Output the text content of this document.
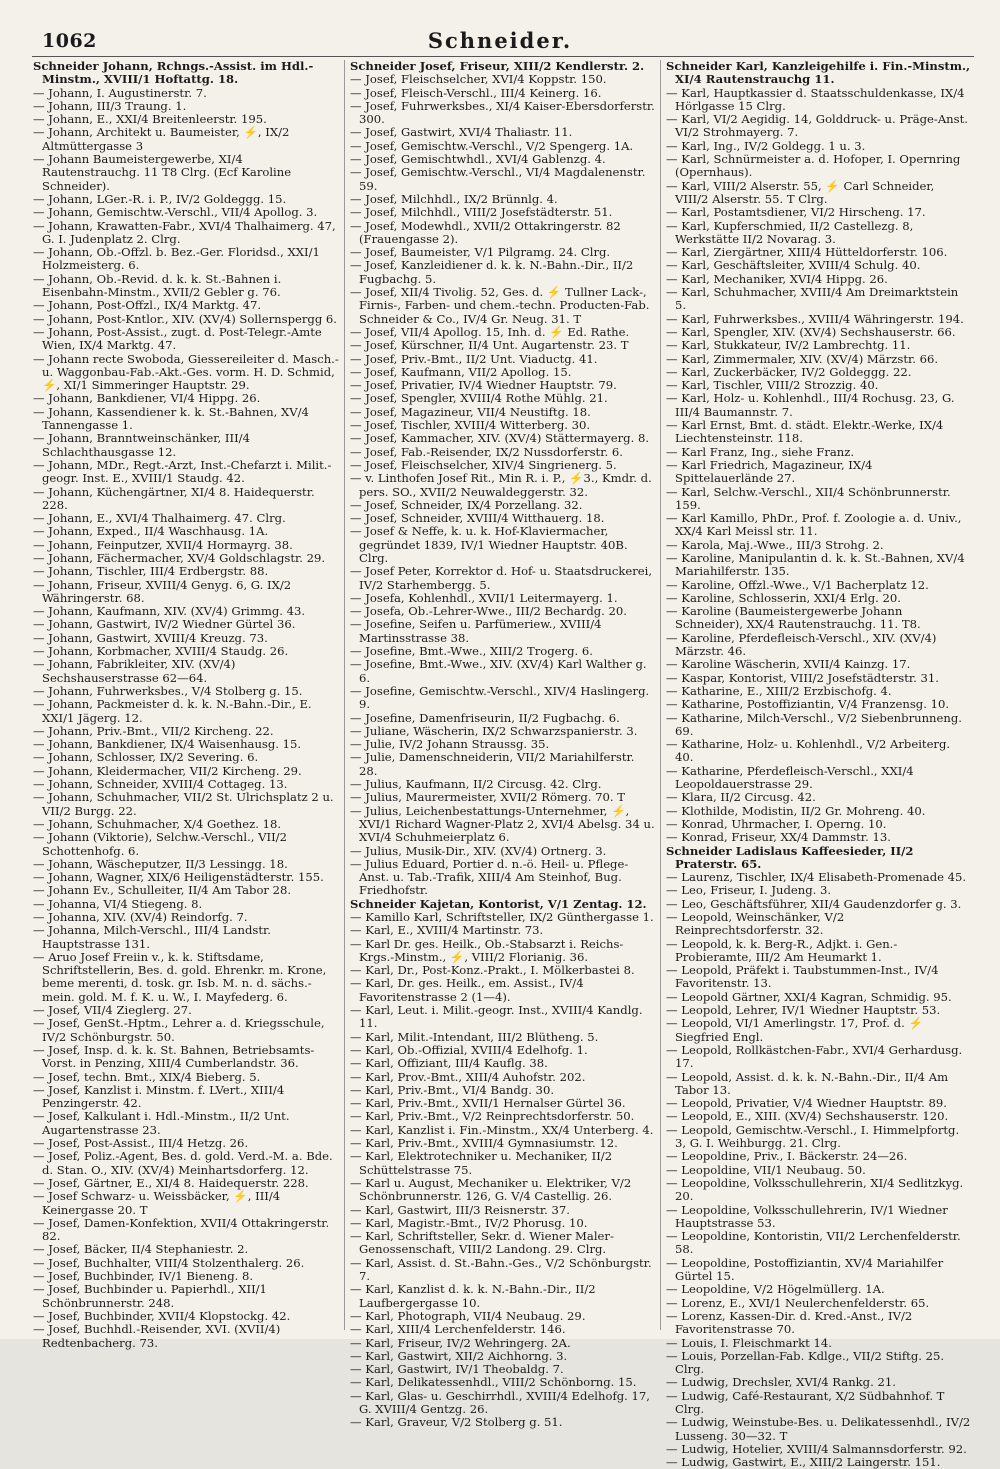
1062	Schneider.

Schneider Johann, Rchngs.-Assist. im Hdl.-Minstm., XVIII/1 Hoftattg. 18.

— Johann, I. Augustinerstr. 7.

— Johann, III/3 Traung. 1.

— Johann, E., XXI/4 Breitenleerstr. 195.

— Johann, Architekt u. Baumeister, ⚡, IX/2 Altmüttergasse 3

— Johann Baumeistergewerbe, XI/4 Rautenstrauchg. 11 T8 Clrg. (Ecf Karoline Schneider).

— Johann, LGer.-R. i. P., IV/2 Goldeggg. 15.

— Johann, Gemischtw.-Verschl., VII/4 Apollog. 3.

— Johann, Krawatten-Fabr., XVI/4 Thalhaimerg. 47, G. I. Judenplatz 2. Clrg.

— Johann, Ob.-Offzl. b. Bez.-Ger. Floridsd., XXI/1 Holzmeisterg. 6.

— Johann, Ob.-Revid. d. k. k. St.-Bahnen i. Eisenbahn-Minstm., XVII/2 Gebler g. 76.

— Johann, Post-Offzl., IX/4 Marktg. 47.

— Johann, Post-Kntlor., XIV. (XV/4) Sollernspergg 6.

— Johann, Post-Assist., zugt. d. Post-Telegr.-Amte Wien, IX/4 Marktg. 47.

— Johann recte Swoboda, Giessereileiter d. Masch.- u. Waggonbau-Fab.-Akt.-Ges. vorm. H. D. Schmid, ⚡, XI/1 Simmeringer Hauptstr. 29.

— Johann, Bankdiener, VI/4 Hippg. 26.

— Johann, Kassendiener k. k. St.-Bahnen, XV/4 Tannengasse 1.

— Johann, Branntweinschänker, III/4 Schlachthausgasse 12.

— Johann, MDr., Regt.-Arzt, Inst.-Chefarzt i. Milit.-geogr. Inst. E., XVIII/1 Staudg. 42.

— Johann, Küchengärtner, XI/4 8. Haidequerstr. 228.

— Johann, E., XVI/4 Thalhaimerg. 47. Clrg.

— Johann, Exped., II/4 Waschhausg. 1A.

— Johann, Feinputzer, XVII/4 Hormayrg. 38.

— Johann, Fächermacher, XV/4 Goldschlagstr. 29.

— Johann, Tischler, III/4 Erdbergstr. 88.

— Johann, Friseur, XVIII/4 Genyg. 6, G. IX/2 Währingerstr. 68.

— Johann, Kaufmann, XIV. (XV/4) Grimmg. 43.

— Johann, Gastwirt, IV/2 Wiedner Gürtel 36.

— Johann, Gastwirt, XVIII/4 Kreuzg. 73.

— Johann, Korbmacher, XVIII/4 Staudg. 26.

— Johann, Fabrikleiter, XIV. (XV/4) Sechshauserstrasse 62—64.

— Johann, Fuhrwerksbes., V/4 Stolberg g. 15.

— Johann, Packmeister d. k. k. N.-Bahn.-Dir., E. XXI/1 Jägerg. 12.

— Johann, Priv.-Bmt., VII/2 Kircheng. 22.

— Johann, Bankdiener, IX/4 Waisenhausg. 15.

— Johann, Schlosser, IX/2 Severing. 6.

— Johann, Kleidermacher, VII/2 Kircheng. 29.

— Johann, Schneider, XVIII/4 Cottageg. 13.

— Johann, Schuhmacher, VII/2 St. Ulrichsplatz 2 u. VII/2 Burgg. 22.

— Johann, Schuhmacher, X/4 Goethez. 18.

— Johann (Viktorie), Selchw.-Verschl., VII/2 Schottenhofg. 6.

— Johann, Wäscheputzer, II/3 Lessingg. 18.

— Johann, Wagner, XIX/6 Heiligenstädterstr. 155.

— Johann Ev., Schulleiter, II/4 Am Tabor 28.

— Johanna, VI/4 Stiegeng. 8.

— Johanna, XIV. (XV/4) Reindorfg. 7.

— Johanna, Milch-Verschl., III/4 Landstr. Hauptstrasse 131.

— Aruo Josef Freiin v., k. k. Stiftsdame, Schriftstellerin, Bes. d. gold. Ehrenkr. m. Krone, beme merenti, d. tosk. gr. Isb. M. n. d. sächs.-mein. gold. M. f. K. u. W., I. Mayfederg. 6.

— Josef, VII/4 Zieglerg. 27.

— Josef, GenSt.-Hptm., Lehrer a. d. Kriegsschule, IV/2 Schönburgstr. 50.

— Josef, Insp. d. k. k. St. Bahnen, Betriebsamts-Vorst. in Penzing, XIII/4 Cumberlandstr. 36.

— Josef, techn. Bmt., XIX/4 Bieberg. 5.

— Josef, Kanzlist i. Minstm. f. LVert., XIII/4 Penzingerstr. 42.

— Josef, Kalkulant i. Hdl.-Minstm., II/2 Unt. Augartenstrasse 23.

— Josef, Post-Assist., III/4 Hetzg. 26.

— Josef, Poliz.-Agent, Bes. d. gold. Verd.-M. a. Bde. d. Stan. O., XIV. (XV/4) Meinhartsdorferg. 12.

— Josef, Gärtner, E., XI/4 8. Haidequerstr. 228.

— Josef Schwarz- u. Weissbäcker, ⚡, III/4 Keinergasse 20. T

— Josef, Damen-Konfektion, XVII/4 Ottakringerstr. 82.

— Josef, Bäcker, II/4 Stephaniestr. 2.

— Josef, Buchhalter, VIII/4 Stolzenthalerg. 26.

— Josef, Buchbinder, IV/1 Bieneng. 8.

— Josef, Buchbinder u. Papierhdl., XII/1 Schönbrunnerstr. 248.

— Josef, Buchbinder, XVII/4 Klopstockg. 42.

— Josef, Buchhdl.-Reisender, XVI. (XVII/4) Redtenbacherg. 73.

Schneider Josef, Friseur, XIII/2 Kendlerstr. 2.

— Josef, Fleischselcher, XVI/4 Koppstr. 150.

— Josef, Fleisch-Verschl., III/4 Keinerg. 16.

— Josef, Fuhrwerksbes., XI/4 Kaiser-Ebersdorferstr. 300.

— Josef, Gastwirt, XVI/4 Thaliastr. 11.

— Josef, Gemischtw.-Verschl., V/2 Spengerg. 1A.

— Josef, Gemischtwhdl., XVI/4 Gablenzg. 4.

— Josef, Gemischtw.-Verschl., VI/4 Magdalenenstr. 59.

— Josef, Milchhdl., IX/2 Brünnlg. 4.

— Josef, Milchhdl., VIII/2 Josefstädterstr. 51.

— Josef, Modewhdl., XVII/2 Ottakringerstr. 82 (Frauengasse 2).

— Josef, Baumeister, V/1 Pilgramg. 24. Clrg.

— Josef, Kanzleidiener d. k. k. N.-Bahn.-Dir., II/2 Fugbachg. 5.

— Josef, XII/4 Tivolig. 52, Ges. d. ⚡ Tullner Lack-, Firnis-, Farben- und chem.-techn. Producten-Fab. Schneider & Co., IV/4 Gr. Neug. 31. T

— Josef, VII/4 Apollog. 15, Inh. d. ⚡ Ed. Rathe.

— Josef, Kürschner, II/4 Unt. Augartenstr. 23. T

— Josef, Priv.-Bmt., II/2 Unt. Viaductg. 41.

— Josef, Kaufmann, VII/2 Apollog. 15.

— Josef, Privatier, IV/4 Wiedner Hauptstr. 79.

— Josef, Spengler, XVIII/4 Rothe Mühlg. 21.

— Josef, Magazineur, VII/4 Neustiftg. 18.

— Josef, Tischler, XVIII/4 Witterberg. 30.

— Josef, Kammacher, XIV. (XV/4) Stättermayerg. 8.

— Josef, Fab.-Reisender, IX/2 Nussdorferstr. 6.

— Josef, Fleischselcher, XIV/4 Singrienerg. 5.

— v. Linthofen Josef Rit., Min R. i. P., ⚡3., Kmdr. d. pers. SO., XVII/2 Neuwaldeggerstr. 32.

— Josef, Schneider, IX/4 Porzellang. 32.

— Josef, Schneider, XVIII/4 Witthauerg. 18.

— Josef & Neffe, k. u. k. Hof-Klaviermacher, gegründet 1839, IV/1 Wiedner Hauptstr. 40B. Clrg.

— Josef Peter, Korrektor d. Hof- u. Staatsdruckerei, IV/2 Starhembergg. 5.

— Josefa, Kohlenhdl., XVII/1 Leitermayerg. 1.

— Josefa, Ob.-Lehrer-Wwe., III/2 Bechardg. 20.

— Josefine, Seifen u. Parfümeriew., XVIII/4 Martinsstrasse 38.

— Josefine, Bmt.-Wwe., XIII/2 Trogerg. 6.

— Josefine, Bmt.-Wwe., XIV. (XV/4) Karl Walther g. 6.

— Josefine, Gemischtw.-Verschl., XIV/4 Haslingerg. 9.

— Josefine, Damenfriseurin, II/2 Fugbachg. 6.

— Juliane, Wäscherin, IX/2 Schwarzspanierstr. 3.

— Julie, IV/2 Johann Straussg. 35.

— Julie, Damenschneiderin, VII/2 Mariahilferstr. 28.

— Julius, Kaufmann, II/2 Circusg. 42. Clrg.

— Julius, Maurermeister, XVII/2 Römerg. 70. T

— Julius, Leichenbestattungs-Unternehmer, ⚡, XVI/1 Richard Wagner-Platz 2, XVI/4 Abelsg. 34 u. XVI/4 Schuhmeierplatz 6.

— Julius, Musik-Dir., XIV. (XV/4) Ortnerg. 3.

— Julius Eduard, Portier d. n.-ö. Heil- u. Pflege-Anst. u. Tab.-Trafik, XIII/4 Am Steinhof, Bug. Friedhofstr.

Schneider Kajetan, Kontorist, V/1 Zentag. 12.

— Kamillo Karl, Schriftsteller, IX/2 Günthergasse 1.

— Karl, E., XVIII/4 Martinstr. 73.

— Karl Dr. ges. Heilk., Ob.-Stabsarzt i. Reichs-Krgs.-Minstm., ⚡, VIII/2 Florianig. 36.

— Karl, Dr., Post-Konz.-Prakt., I. Mölkerbastei 8.

— Karl, Dr. ges. Heilk., em. Assist., IV/4 Favoritenstrasse 2 (1—4).

— Karl, Leut. i. Milit.-geogr. Inst., XVIII/4 Kandlg. 11.

— Karl, Milit.-Intendant, III/2 Blütheng. 5.

— Karl, Ob.-Offizial, XVIII/4 Edelhofg. 1.

— Karl, Offiziant, III/4 Kauflg. 38.

— Karl, Prov.-Bmt., XIII/4 Auhofstr. 202.

— Karl, Priv.-Bmt., VI/4 Bandg. 30.

— Karl, Priv.-Bmt., XVII/1 Hernalser Gürtel 36.

— Karl, Priv.-Bmt., V/2 Reinprechtsdorferstr. 50.

— Karl, Kanzlist i. Fin.-Minstm., XX/4 Unterberg. 4.

— Karl, Priv.-Bmt., XVIII/4 Gymnasiumstr. 12.

— Karl, Elektrotechniker u. Mechaniker, II/2 Schüttelstrasse 75.

— Karl u. August, Mechaniker u. Elektriker, V/2 Schönbrunnerstr. 126, G. V/4 Castellig. 26.

— Karl, Gastwirt, III/3 Reisnerstr. 37.

— Karl, Magistr.-Bmt., IV/2 Phorusg. 10.

— Karl, Schriftsteller, Sekr. d. Wiener Maler-Genossenschaft, VIII/2 Landong. 29. Clrg.

— Karl, Assist. d. St.-Bahn.-Ges., V/2 Schönburgstr. 7.

— Karl, Kanzlist d. k. k. N.-Bahn.-Dir., II/2 Laufbergergasse 10.

— Karl, Photograph, VII/4 Neubaug. 29.

— Karl, XIII/4 Lerchenfelderstr. 146.

— Karl, Friseur, IV/2 Wehringerg. 2A.

— Karl, Gastwirt, XII/2 Aichhorng. 3.

— Karl, Gastwirt, IV/1 Theobaldg. 7.

— Karl, Delikatessenhdl., VIII/2 Schönborng. 15.

— Karl, Glas- u. Geschirrhdl., XVIII/4 Edelhofg. 17, G. XVIII/4 Gentzg. 26.

— Karl, Graveur, V/2 Stolberg g. 51.

Schneider Karl, Kanzleigehilfe i. Fin.-Minstm., XI/4 Rautenstrauchg 11.

— Karl, Hauptkassier d. Staatsschuldenkasse, IX/4 Hörlgasse 15 Clrg.

— Karl, VI/2 Aegidig. 14, Golddruck- u. Präge-Anst. VI/2 Strohmayerg. 7.

— Karl, Ing., IV/2 Goldegg. 1 u. 3.

— Karl, Schnürmeister a. d. Hofoper, I. Opernring (Opernhaus).

— Karl, VIII/2 Alserstr. 55, ⚡ Carl Schneider, VIII/2 Alserstr. 55. T Clrg.

— Karl, Postamtsdiener, VI/2 Hirscheng. 17.

— Karl, Kupferschmied, II/2 Castellezg. 8, Werkstätte II/2 Novarag. 3.

— Karl, Ziergärtner, XIII/4 Hütteldorferstr. 106.

— Karl, Geschäftsleiter, XVIII/4 Schulg. 40.

— Karl, Mechaniker, XVI/4 Hippg. 26.

— Karl, Schuhmacher, XVIII/4 Am Dreimarktstein 5.

— Karl, Fuhrwerksbes., XVIII/4 Währingerstr. 194.

— Karl, Spengler, XIV. (XV/4) Sechshauserstr. 66.

— Karl, Stukkateur, IV/2 Lambrechtg. 11.

— Karl, Zimmermaler, XIV. (XV/4) Märzstr. 66.

— Karl, Zuckerbäcker, IV/2 Goldeggg. 22.

— Karl, Tischler, VIII/2 Strozzig. 40.

— Karl, Holz- u. Kohlenhdl., III/4 Rochusg. 23, G. III/4 Baumannstr. 7.

— Karl Ernst, Bmt. d. städt. Elektr.-Werke, IX/4 Liechtensteinstr. 118.

— Karl Franz, Ing., siehe Franz.

— Karl Friedrich, Magazineur, IX/4 Spittelauerlände 27.

— Karl, Selchw.-Verschl., XII/4 Schönbrunnerstr. 159.

— Karl Kamillo, PhDr., Prof. f. Zoologie a. d. Univ., XX/4 Karl Meissl str. 11.

— Karola, Maj.-Wwe., III/3 Strohg. 2.

— Karoline, Manipulantin d. k. k. St.-Bahnen, XV/4 Mariahilferstr. 135.

— Karoline, Offzl.-Wwe., V/1 Bacherplatz 12.

— Karoline, Schlosserin, XXI/4 Erlg. 20.

— Karoline (Baumeistergewerbe Johann Schneider), XX/4 Rautenstrauchg. 11. T8.

— Karoline, Pferdefleisch-Verschl., XIV. (XV/4) Märzstr. 46.

— Karoline Wäscherin, XVII/4 Kainzg. 17.

— Kaspar, Kontorist, VIII/2 Josefstädterstr. 31.

— Katharine, E., XIII/2 Erzbischofg. 4.

— Katharine, Postoffiziantin, V/4 Franzensg. 10.

— Katharine, Milch-Verschl., V/2 Siebenbrunneng. 69.

— Katharine, Holz- u. Kohlenhdl., V/2 Arbeiterg. 40.

— Katharine, Pferdefleisch-Verschl., XXI/4 Leopoldauerstrasse 29.

— Klara, II/2 Circusg. 42.

— Klothilde, Modistin, II/2 Gr. Mohreng. 40.

— Konrad, Uhrmacher, I. Operng. 10.

— Konrad, Friseur, XX/4 Dammstr. 13.

Schneider Ladislaus Kaffeesieder, II/2 Praterstr. 65.

— Laurenz, Tischler, IX/4 Elisabeth-Promenade 45.

— Leo, Friseur, I. Judeng. 3.

— Leo, Geschäftsführer, XII/4 Gaudenzdorfer g. 3.

— Leopold, Weinschänker, V/2 Reinprechtsdorferstr. 32.

— Leopold, k. k. Berg-R., Adjkt. i. Gen.-Probieramte, III/2 Am Heumarkt 1.

— Leopold, Präfekt i. Taubstummen-Inst., IV/4 Favoritenstr. 13.

— Leopold Gärtner, XXI/4 Kagran, Schmidig. 95.

— Leopold, Lehrer, IV/1 Wiedner Hauptstr. 53.

— Leopold, VI/1 Amerlingstr. 17, Prof. d. ⚡ Siegfried Engl.

— Leopold, Rollkästchen-Fabr., XVI/4 Gerhardusg. 17.

— Leopold, Assist. d. k. k. N.-Bahn.-Dir., II/4 Am Tabor 13.

— Leopold, Privatier, V/4 Wiedner Hauptstr. 89.

— Leopold, E., XIII. (XV/4) Sechshauserstr. 120.

— Leopold, Gemischtw.-Verschl., I. Himmelpfortg. 3, G. I. Weihburgg. 21. Clrg.

— Leopoldine, Priv., I. Bäckerstr. 24—26.

— Leopoldine, VII/1 Neubaug. 50.

— Leopoldine, Volksschullehrerin, XI/4 Sedlitzkyg. 20.

— Leopoldine, Volksschullehrerin, IV/1 Wiedner Hauptstrasse 53.

— Leopoldine, Kontoristin, VII/2 Lerchenfelderstr. 58.

— Leopoldine, Postoffiziantin, XV/4 Mariahilfer Gürtel 15.

— Leopoldine, V/2 Högelmüllerg. 1A.

— Lorenz, E., XVI/1 Neulerchenfelderstr. 65.

— Lorenz, Kassen-Dir. d. Kred.-Anst., IV/2 Favoritenstrasse 70.

— Louis, I. Fleischmarkt 14.

— Louis, Porzellan-Fab. Kdlge., VII/2 Stiftg. 25. Clrg.

— Ludwig, Drechsler, XVI/4 Rankg. 21.

— Ludwig, Café-Restaurant, X/2 Südbahnhof. T Clrg.

— Ludwig, Weinstube-Bes. u. Delikatessenhdl., IV/2 Lusseng. 30—32. T

— Ludwig, Hotelier, XVIII/4 Salmannsdorferstr. 92.

— Ludwig, Gastwirt, E., XIII/2 Laingerstr. 151.
